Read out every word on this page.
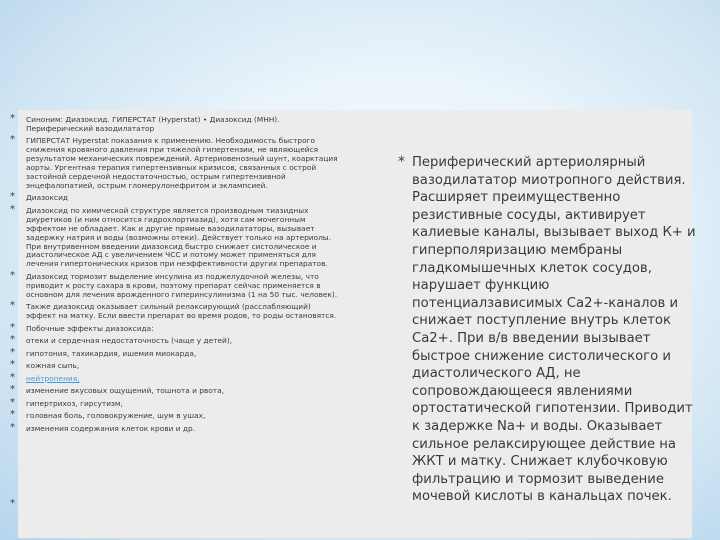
* Синоним: Диазоксид. ГИПЕРСТАТ (Hyperstat) • Диазоксид (МНН). Периферический вазодилататор
* ГИПЕРСТАТ Hyperstat показания к применению. Необходимость быстрого снижения кровяного давления при тяжелой гипертензии, не являющейся результатом механических повреждений. Артериовенозный шунт, коарктация аорты. Ургентная терапия гипертензивных кризисов, связанных с острой застойной сердечной недостаточностью, острым гипертензивной энцефалопатией, острым гломерулонефритом и эклампсией.
* Диазоксид
* Диазоксид по химической структуре является производным тиазидных диуретиков (и ним относится гидрохлортиазид), хотя сам мочегонным эффектом не обладает. Как и другие прямые вазодилататоры, вызывает задержку натрия и воды (возможны отеки). Действует только на артериолы. При внутривенном введении диазоксид быстро снижает систолическое и диастолическое АД с увеличением ЧСС и потому может применяться для лечения гипертонических кризов при неэффективности других препаратов.
* Диазоксид тормозит выделение инсулина из поджелудочной железы, что приводит к росту сахара в крови, поэтому препарат сейчас применяется в основном для лечения врожденного гиперинсулинизма (1 на 50 тыс. человек).
* Также диазоксид оказывает сильный релаксирующий (расслабляющий) эффект на матку. Если ввести препарат во время родов, то роды остановятся.
* Побочные эффекты диазоксида:
* отеки и сердечная недостаточность (чаще у детей),
* гипотония, тахикардия, ишемия миокарда,
* кожная сыпь,
* нейтропения,
* изменение вкусовых ощущений, тошнота и рвота,
* гипертрихоз, гирсутизм,
* головная боль, головокружение, шум в ушах,
* изменения содержания клеток крови и др.
*
* Периферический артериолярный вазодилататор миотропного действия. Расширяет преимущественно резистивные сосуды, активирует калиевые каналы, вызывает выход К+ и гиперполяризацию мембраны гладкомышечных клеток сосудов, нарушает функцию потенциалзависимых Са2+-каналов и снижает поступление внутрь клеток Са2+. При в/в введении вызывает быстрое снижение систолического и диастолического АД, не сопровождающееся явлениями ортостатической гипотензии. Приводит к задержке Na+ и воды. Оказывает сильное релаксирующее действие на ЖКТ и матку. Снижает клубочковую фильтрацию и тормозит выведение мочевой кислоты в канальцах почек.
